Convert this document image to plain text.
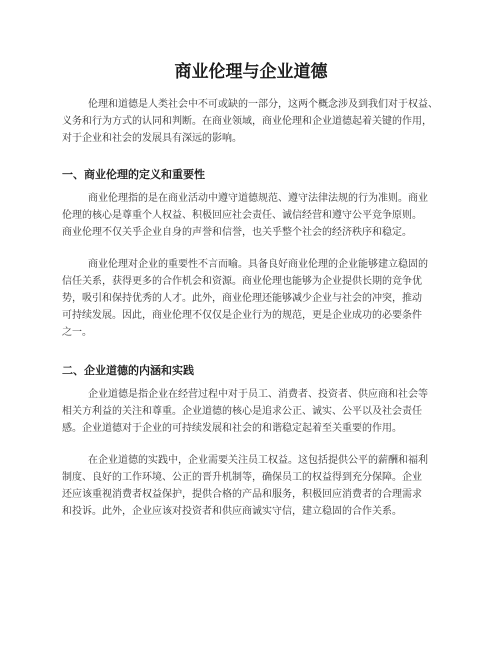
商业伦理与企业道德
伦理和道德是人类社会中不可或缺的一部分，这两个概念涉及到我们对于权益、
义务和行为方式的认同和判断。在商业领域，商业伦理和企业道德起着关键的作用，
对于企业和社会的发展具有深远的影响。
一、商业伦理的定义和重要性
商业伦理指的是在商业活动中遵守道德规范、遵守法律法规的行为准则。商业
伦理的核心是尊重个人权益、积极回应社会责任、诚信经营和遵守公平竞争原则。
商业伦理不仅关乎企业自身的声誉和信誉，也关乎整个社会的经济秩序和稳定。
商业伦理对企业的重要性不言而喻。具备良好商业伦理的企业能够建立稳固的
信任关系，获得更多的合作机会和资源。商业伦理也能够为企业提供长期的竞争优
势，吸引和保持优秀的人才。此外，商业伦理还能够减少企业与社会的冲突，推动
可持续发展。因此，商业伦理不仅仅是企业行为的规范，更是企业成功的必要条件
之一。
二、企业道德的内涵和实践
企业道德是指企业在经营过程中对于员工、消费者、投资者、供应商和社会等
相关方利益的关注和尊重。企业道德的核心是追求公正、诚实、公平以及社会责任
感。企业道德对于企业的可持续发展和社会的和谐稳定起着至关重要的作用。
在企业道德的实践中，企业需要关注员工权益。这包括提供公平的薪酬和福利
制度、良好的工作环境、公正的晋升机制等，确保员工的权益得到充分保障。企业
还应该重视消费者权益保护，提供合格的产品和服务，积极回应消费者的合理需求
和投诉。此外，企业应该对投资者和供应商诚实守信，建立稳固的合作关系。
